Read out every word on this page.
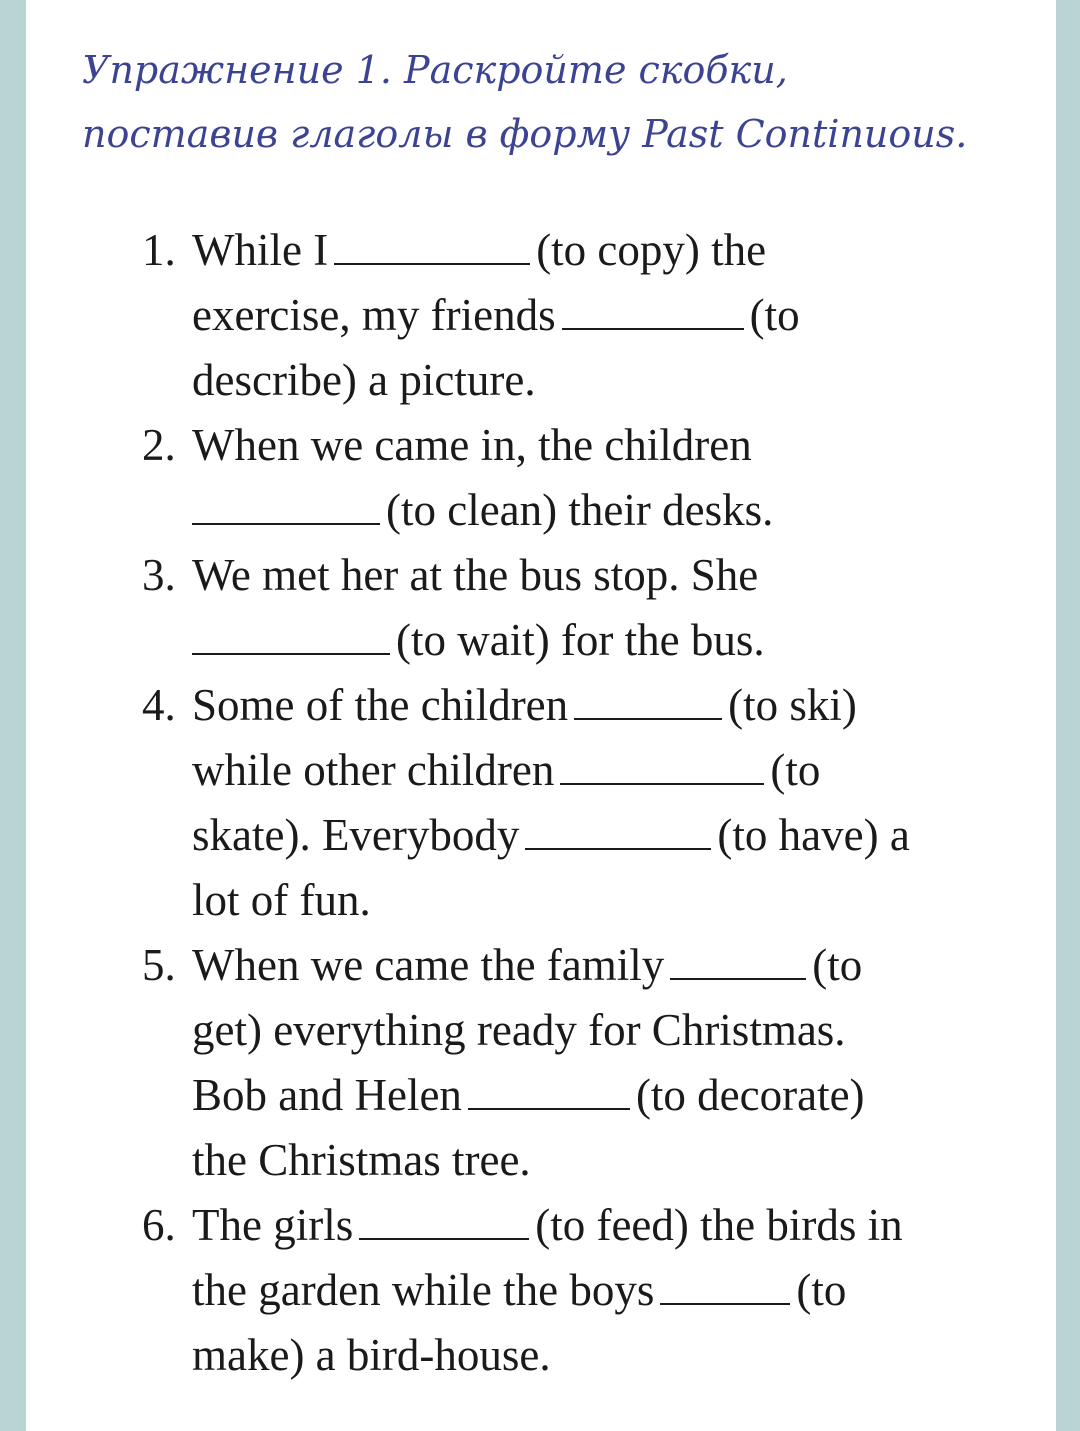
Упражнение 1. Раскройте скобки,
поставив глаголы в форму Past Continuous.
1. While I	(to copy) the
exercise, my friends	(to
describe) a picture.
2. When we came in, the children
(to clean) their desks.
3. We met her at the bus stop. She
(to wait) for the bus.
4. Some of the children	(to ski)
while other children	(to
skate). Everybody	(to have) a
lot of fun.
5. When we came the family	(to
get) everything ready for Christmas.
Bob and Helen	(to decorate)
the Christmas tree.
6. The girls	(to feed) the birds in
the garden while the boys	(to
make) a bird-house.
